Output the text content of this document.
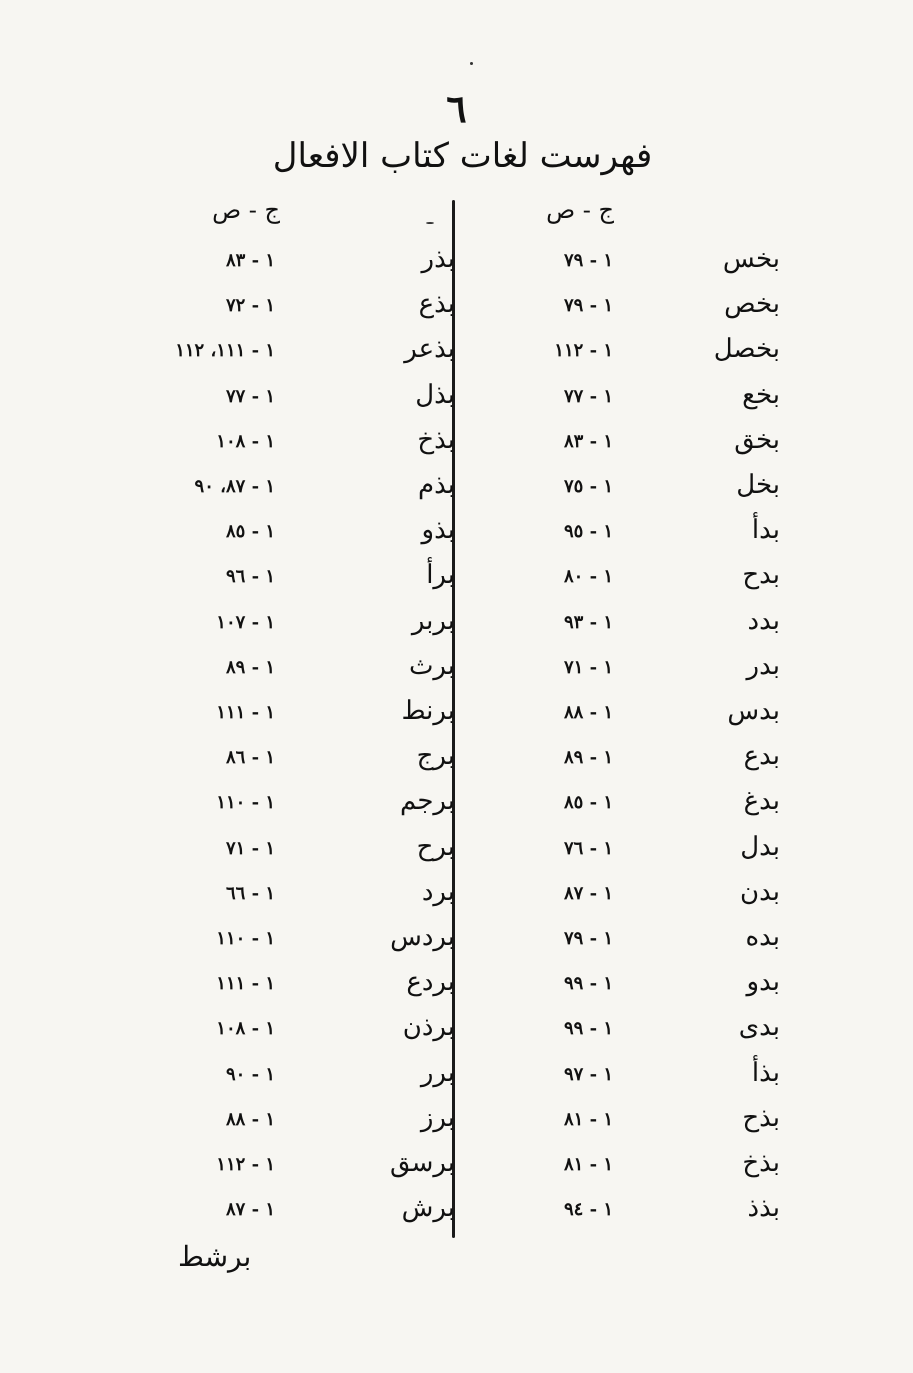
٦
فهرست لغات كتاب الافعال
ج - ص
ج - ص
بخس
١ - ٧٩
بخص
١ - ٧٩
بخصل
١ - ١١٢
بخع
١ - ٧٧
بخق
١ - ٨٣
بخل
١ - ٧٥
بدأ
١ - ٩٥
بدح
١ - ٨٠
بدد
١ - ٩٣
بدر
١ - ٧١
بدس
١ - ٨٨
بدع
١ - ٨٩
بدغ
١ - ٨٥
بدل
١ - ٧٦
بدن
١ - ٨٧
بده
١ - ٧٩
بدو
١ - ٩٩
بدى
١ - ٩٩
بذأ
١ - ٩٧
بذح
١ - ٨١
بذخ
١ - ٨١
بذذ
١ - ٩٤
بذر
١ - ٨٣
بذع
١ - ٧٢
بذعر
١ - ١١١، ١١٢
بذل
١ - ٧٧
بذخ
١ - ١٠٨
بذم
١ - ٨٧، ٩٠
بذو
١ - ٨٥
برأ
١ - ٩٦
بربر
١ - ١٠٧
برث
١ - ٨٩
برنط
١ - ١١١
برج
١ - ٨٦
برجم
١ - ١١٠
برح
١ - ٧١
برد
١ - ٦٦
بردس
١ - ١١٠
بردع
١ - ١١١
برذن
١ - ١٠٨
برر
١ - ٩٠
برز
١ - ٨٨
برسق
١ - ١١٢
برش
١ - ٨٧
برشط
